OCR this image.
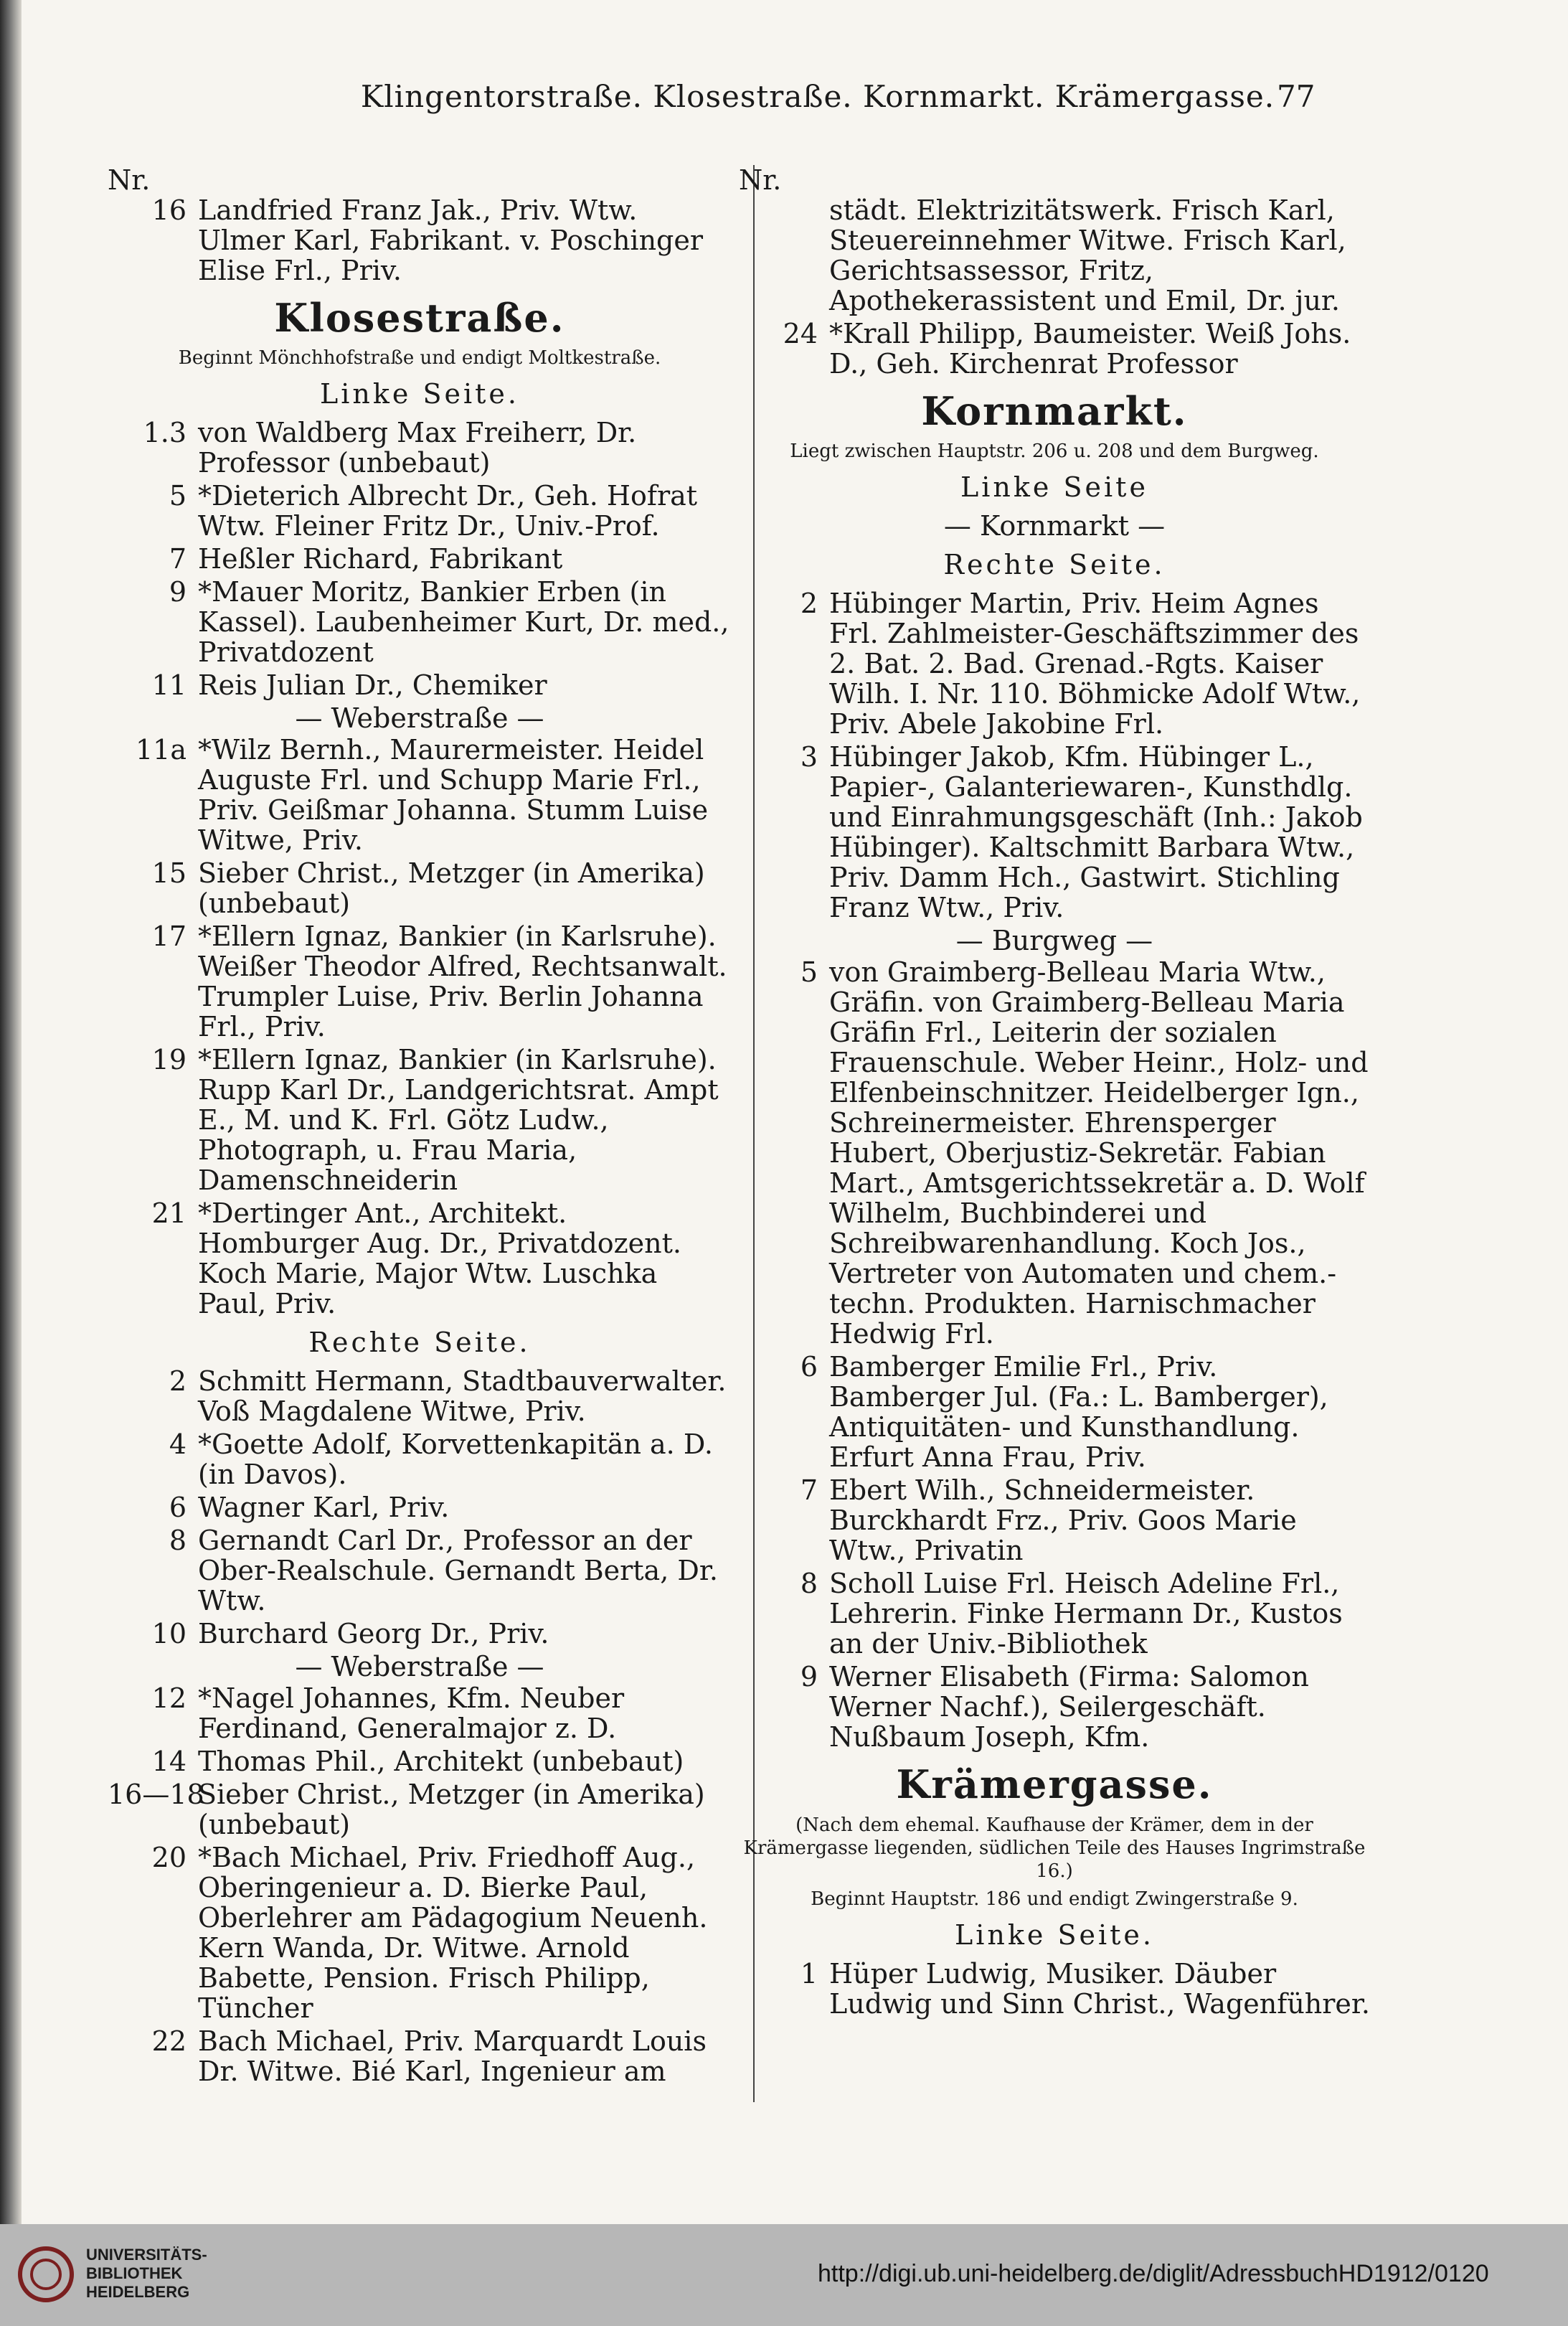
Klingentorstraße. Klosestraße. Kornmarkt. Krämergasse. 77
Nr.
16 Landfried Franz Jak., Priv. Wtw. Ulmer Karl, Fabrikant. v. Poschinger Elise Frl., Priv.
Klosestraße.
Beginnt Mönchhofstraße und endigt Moltkestraße.
Linke Seite.
1.3 von Waldberg Max Freiherr, Dr. Professor (unbebaut)
5 *Dieterich Albrecht Dr., Geh. Hofrat Wtw. Fleiner Fritz Dr., Univ.-Prof.
7 Heßler Richard, Fabrikant
9 *Mauer Moritz, Bankier Erben (in Kassel). Laubenheimer Kurt, Dr. med., Privatdozent
11 Reis Julian Dr., Chemiker
— Weberstraße —
11a *Wilz Bernh., Maurermeister. Heidel Auguste Frl. und Schupp Marie Frl., Priv. Geißmar Johanna. Stumm Luise Witwe, Priv.
15 Sieber Christ., Metzger (in Amerika) (unbebaut)
17 *Ellern Ignaz, Bankier (in Karlsruhe). Weißer Theodor Alfred, Rechtsanwalt. Trumpler Luise, Priv. Berlin Johanna Frl., Priv.
19 *Ellern Ignaz, Bankier (in Karlsruhe). Rupp Karl Dr., Landgerichtsrat. Ampt E., M. und K. Frl. Götz Ludw., Photograph, u. Frau Maria, Damenschneiderin
21 *Dertinger Ant., Architekt. Homburger Aug. Dr., Privatdozent. Koch Marie, Major Wtw. Luschka Paul, Priv.
Rechte Seite.
2 Schmitt Hermann, Stadtbauverwalter. Voß Magdalene Witwe, Priv.
4 *Goette Adolf, Korvettenkapitän a. D. (in Davos).
6 Wagner Karl, Priv.
8 Gernandt Carl Dr., Professor an der Ober-Realschule. Gernandt Berta, Dr. Wtw.
10 Burchard Georg Dr., Priv.
— Weberstraße —
12 *Nagel Johannes, Kfm. Neuber Ferdinand, Generalmajor z. D.
14 Thomas Phil., Architekt (unbebaut)
16—18
Sieber Christ., Metzger (in Amerika) (unbebaut)
20 *Bach Michael, Priv. Friedhoff Aug., Oberingenieur a. D. Bierke Paul, Oberlehrer am Pädagogium Neuenh. Kern Wanda, Dr. Witwe. Arnold Babette, Pension. Frisch Philipp, Tüncher
22 Bach Michael, Priv. Marquardt Louis Dr. Witwe. Bié Karl, Ingenieur am
Nr.
städt. Elektrizitätswerk. Frisch Karl, Steuereinnehmer Witwe. Frisch Karl, Gerichtsassessor, Fritz, Apothekerassistent und Emil, Dr. jur.
24 *Krall Philipp, Baumeister. Weiß Johs. D., Geh. Kirchenrat Professor
Kornmarkt.
Liegt zwischen Hauptstr. 206 u. 208 und dem Burgweg.
Linke Seite
— Kornmarkt —
Rechte Seite.
2 Hübinger Martin, Priv. Heim Agnes Frl. Zahlmeister-Geschäftszimmer des 2. Bat. 2. Bad. Grenad.-Rgts. Kaiser Wilh. I. Nr. 110. Böhmicke Adolf Wtw., Priv. Abele Jakobine Frl.
3 Hübinger Jakob, Kfm. Hübinger L., Papier-, Galanteriewaren-, Kunsthdlg. und Einrahmungsgeschäft (Inh.: Jakob Hübinger). Kaltschmitt Barbara Wtw., Priv. Damm Hch., Gastwirt. Stichling Franz Wtw., Priv.
— Burgweg —
5 von Graimberg-Belleau Maria Wtw., Gräfin. von Graimberg-Belleau Maria Gräfin Frl., Leiterin der sozialen Frauenschule. Weber Heinr., Holz- und Elfenbeinschnitzer. Heidelberger Ign., Schreinermeister. Ehrensperger Hubert, Oberjustiz-Sekretär. Fabian Mart., Amtsgerichtssekretär a. D. Wolf Wilhelm, Buchbinderei und Schreibwarenhandlung. Koch Jos., Vertreter von Automaten und chem.-techn. Produkten. Harnischmacher Hedwig Frl.
6 Bamberger Emilie Frl., Priv. Bamberger Jul. (Fa.: L. Bamberger), Antiquitäten- und Kunsthandlung. Erfurt Anna Frau, Priv.
7 Ebert Wilh., Schneidermeister. Burckhardt Frz., Priv. Goos Marie Wtw., Privatin
8 Scholl Luise Frl. Heisch Adeline Frl., Lehrerin. Finke Hermann Dr., Kustos an der Univ.-Bibliothek
9 Werner Elisabeth (Firma: Salomon Werner Nachf.), Seilergeschäft. Nußbaum Joseph, Kfm.
Krämergasse.
(Nach dem ehemal. Kaufhause der Krämer, dem in der Krämergasse liegenden, südlichen Teile des Hauses Ingrimstraße 16.)
Beginnt Hauptstr. 186 und endigt Zwingerstraße 9.
Linke Seite.
1 Hüper Ludwig, Musiker. Däuber Ludwig und Sinn Christ., Wagenführer.
UNIVERSITÄTS-
BIBLIOTHEK
HEIDELBERG
http://digi.ub.uni-heidelberg.de/diglit/AdressbuchHD1912/0120
